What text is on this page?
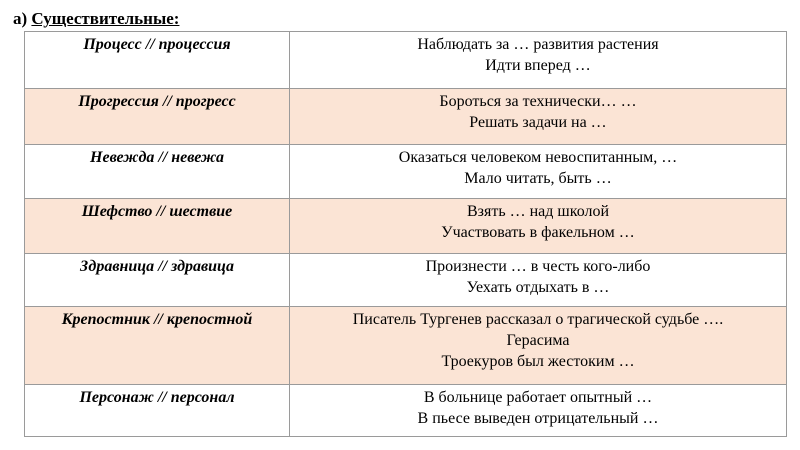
а) Существительные:
Процесс // процессия	Наблюдать за … развития растения
Идти вперед …

Прогрессия // прогресс	Бороться за технически… …
Решать задачи на …

Невежда // невежа	Оказаться человеком невоспитанным, …
Мало читать, быть …

Шефство // шествие	Взять … над школой
Участвовать в факельном …

Здравница // здравица	Произнести … в честь кого-либо
Уехать отдыхать в …

Крепостник // крепостной	Писатель Тургенев рассказал о трагической судьбе ….
Герасима
Троекуров был жестоким …

Персонаж // персонал	В больнице работает опытный …
В пьесе выведен отрицательный …
